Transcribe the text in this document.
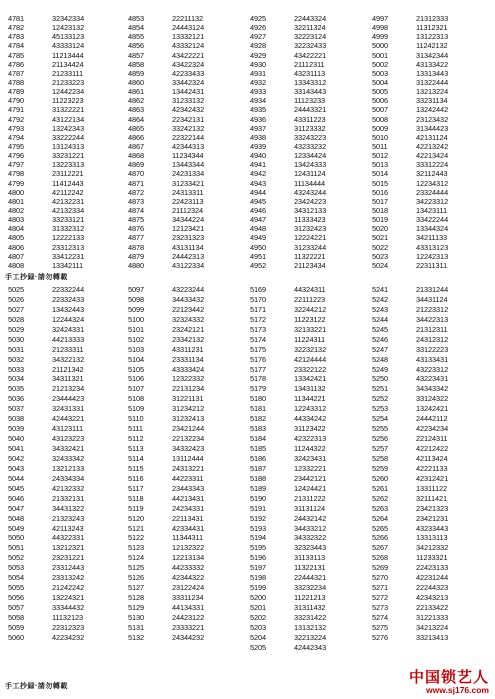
4781	32342334
4782	12423132
4783	45133123
4784	43333124
4785	11213444
4786	21134424
4787	21233111
4788	21233223
4789	12442234
4790	11223223
4791	31322221
4792	43122134
4793	13242343
4794	33222244
4795	13124313
4796	33231221
4797	13223313
4798	23112221
4799	11412443
4800	42112242
4801	42132231
4802	42132334
4803	33233121
4804	31332312
4805	12222133
4806	23312313
4807	33412231
4808	13342111
4853	22211132
4854	24443124
4855	13332121
4856	43332124
4857	43422221
4858	43422324
4859	42233433
4860	33442324
4861	13442431
4862	31233132
4863	42342432
4864	22342131
4865	33242132
4866	22322144
4867	42344313
4868	11234344
4869	13443344
4870	24231334
4871	31233421
4872	24313311
4873	22423113
4874	21112324
4875	34344224
4876	12123421
4877	23231323
4878	43131134
4879	24442313
4880	43122334
4925	22443324
4926	32211324
4927	32223124
4928	32232433
4929	43422221
4930	21112311
4931	43231113
4932	13343312
4933	33143443
4934	11123233
4935	24443321
4936	43311223
4937	31123332
4938	33243223
4939	43233232
4940	12334424
4941	13424333
4942	12431124
4943	11134444
4944	43243244
4945	23424223
4946	34312133
4947	11333423
4948	31232423
4949	12224221
4950	31233244
4951	11322221
4952	21123434
4997	21312333
4998	11312321
4999	13122313
5000	11242132
5001	31342344
5002	43133422
5003	13313443
5004	31322444
5005	13213224
5006	33231134
5007	13242442
5008	23123432
5009	31344423
5010	42131124
5011	42213242
5012	42213424
5013	33312224
5014	32112443
5015	12234312
5016	23324444
5017	34223312
5018	13423111
5019	33422244
5020	13344324
5021	34211133
5022	43313123
5023	12242313
5024	22311311
手工抄録·請勿轉載
5025	22332244
5026	22332433
5027	13432443
5028	12244324
5029	32424331
5030	44213333
5031	21233311
5032	34322132
5033	21121342
5034	34311321
5035	21213234
5036	23444423
5037	32431331
5038	42443221
5039	43123111
5040	43123223
5041	34332421
5042	32433342
5043	13212133
5044	24334334
5045	42132332
5046	21332131
5047	34431322
5048	21323243
5049	42113243
5050	44322331
5051	13212321
5052	23231221
5053	23312443
5054	23313242
5055	21242242
5056	13224321
5057	33344432
5058	11132123
5059	22312323
5060	42234232
5097	43223244
5098	34433432
5099	22123442
5100	32324332
5101	23242121
5102	23342132
5103	43311231
5104	23331134
5105	43333424
5106	12322332
5107	22131234
5108	31221131
5109	31234212
5110	31232413
5111	23421244
5112	22132234
5113	34332423
5114	13112444
5115	24313221
5116	44223311
5117	23443343
5118	44213431
5119	24234331
5120	22113431
5121	42334431
5122	11344311
5123	12132322
5124	12213134
5125	44233332
5126	42344322
5127	23122424
5128	33311234
5129	44134331
5130	24423122
5131	23333221
5132	24344232
5169	44324311
5170	22111223
5171	32244212
5172	11223122
5173	32133221
5174	11224311
5175	32232132
5176	42124444
5177	23322122
5178	13342421
5179	13431132
5180	11344221
5181	12243312
5182	44334242
5183	31123422
5184	42322313
5185	11244322
5186	32423431
5187	12332221
5188	23442121
5189	12424421
5190	21311222
5191	31131124
5192	24432142
5193	34433212
5194	34332322
5195	32323443
5196	31133113
5197	11322131
5198	22444321
5199	33232234
5200	11221213
5201	31311432
5202	33231422
5203	13132132
5204	32213224
5205	42442343
5241	21331244
5242	34431124
5243	21223312
5244	34422313
5245	21312311
5246	24312312
5247	33122223
5248	43133431
5249	43223312
5250	43223431
5251	34343342
5252	33124322
5253	13242421
5254	24442112
5255	42234234
5256	22124311
5257	42212422
5258	42113424
5259	42221133
5260	42312421
5261	13311122
5262	32111421
5263	23421323
5264	23421231
5265	43233443
5266	13313113
5267	34212332
5268	11233321
5269	22423133
5270	42231244
5271	22244323
5272	42343213
5273	22133422
5274	31221333
5275	34213224
5276	33213413
手工抄録·請勿轉載
中国锁艺人
www.sj176.com
